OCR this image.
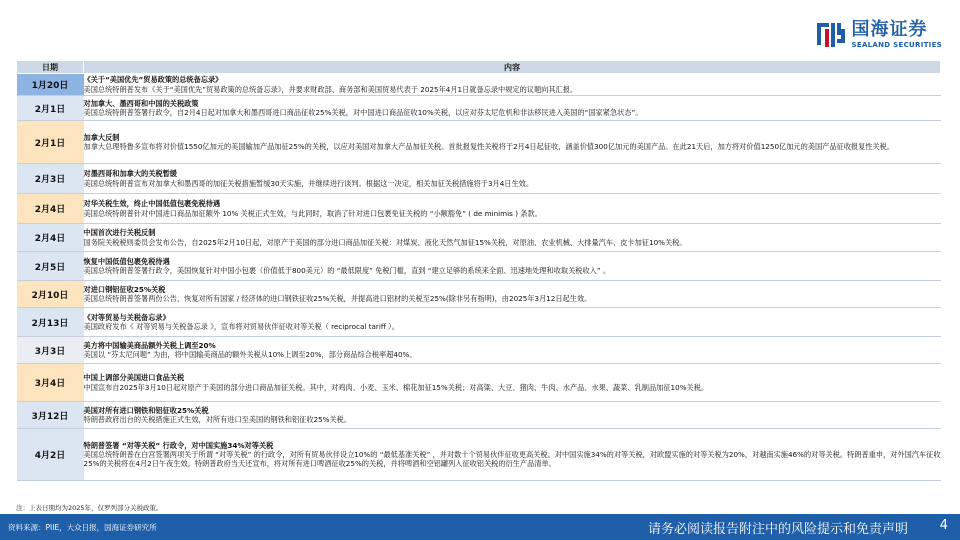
国海证券
SEALAND SECURITIES
日期	内容
1月20日	《关于“美国优先”贸易政策的总统备忘录》
美国总统特朗普发布《关于“美国优先”贸易政策的总统备忘录》，并要求财政部、商务部和美国贸易代表于 2025年4月1日就备忘录中规定的议题向其汇报。

2月1日	对加拿大、墨西哥和中国的关税政策
美国总统特朗普签署行政令，自2月4日起对加拿大和墨西哥进口商品征收25%关税，对中国进口商品征收10%关税，以应对芬太尼危机和非法移民进入美国的“国家紧急状态”。

2月1日	加拿大反制
加拿大总理特鲁多宣布将对价值1550亿加元的美国输加产品加征25%的关税，以应对美国对加拿大产品加征关税。首批报复性关税将于2月4日起征收，涵盖价值300亿加元的美国产品。在此21天后，加方将对价值1250亿加元的美国产品征收报复性关税。

2月3日	对墨西哥和加拿大的关税暂缓
美国总统特朗普宣布对加拿大和墨西哥的加征关税措施暂缓30天实施，并继续进行谈判。根据这一决定，相关加征关税措施将于3月4日生效。

2月4日	对华关税生效，终止中国低值包裹免税待遇
美国总统特朗普针对中国进口商品加征额外 10% 关税正式生效，与此同时，取消了针对进口包裹免征关税的 “小额豁免” ( de minimis ) 条款。

2月4日	中国首次进行关税反制
国务院关税税则委员会发布公告，自2025年2月10日起，对原产于美国的部分进口商品加征关税：对煤炭、液化天然气加征15%关税，对原油、农业机械、大排量汽车、皮卡加征10%关税。

2月5日	恢复中国低值包裹免税待遇
美国总统特朗普签署行政令，美国恢复针对中国小包裹（价值低于800美元）的 “最低限度” 免税门槛，直到 “建立足够的系统来全面、迅速地处理和收取关税收入” 。

2月10日	对进口钢铝征收25%关税
美国总统特朗普签署两份公告，恢复对所有国家 / 经济体的进口钢铁征收25%关税，并提高进口铝材的关税至25%(除非另有指明)，由2025年3月12日起生效。

2月13日	《对等贸易与关税备忘录》
美国政府发布《 对等贸易与关税备忘录 》，宣布将对贸易伙伴征收对等关税（ reciprocal tariff ）。

3月3日	美方将中国输美商品额外关税上调至20%
美国以 “芬太尼问题” 为由，将中国输美商品的额外关税从10%上调至20%，部分商品综合税率超40%。

3月4日	中国上调部分美国进口食品关税
中国宣布自2025年3月10日起对原产于美国的部分进口商品加征关税。其中，对鸡肉、小麦、玉米、棉花加征15%关税；对高粱、大豆、猪肉、牛肉、水产品、水果、蔬菜、乳制品加征10%关税。

3月12日	美国对所有进口钢铁和铝征收25%关税
特朗普政府出台的关税措施正式生效，对所有进口至美国的钢铁和铝征收25%关税。

4月2日	特朗普签署 “对等关税” 行政令，对中国实施34%对等关税
美国总统特朗普在白宫签署两项关于所谓 “对等关税” 的行政令，对所有贸易伙伴设立10%的 “最低基准关税” ，并对数十个贸易伙伴征收更高关税。对中国实施34%的对等关税，对欧盟实施的对等关税为20%，对越南实施46%的对等关税。特朗普重申，对外国汽车征收25%的关税将在4月2日午夜生效。特朗普政府当天还宣布，将对所有进口啤酒征收25%的关税，并将啤酒和空铝罐列入征收铝关税的衍生产品清单。
注：上表日期均为2025年，仅罗列部分关税政策。
资料来源：PIIE，大众日报，国海证券研究所	请务必阅读报告附注中的风险提示和免责声明 4
